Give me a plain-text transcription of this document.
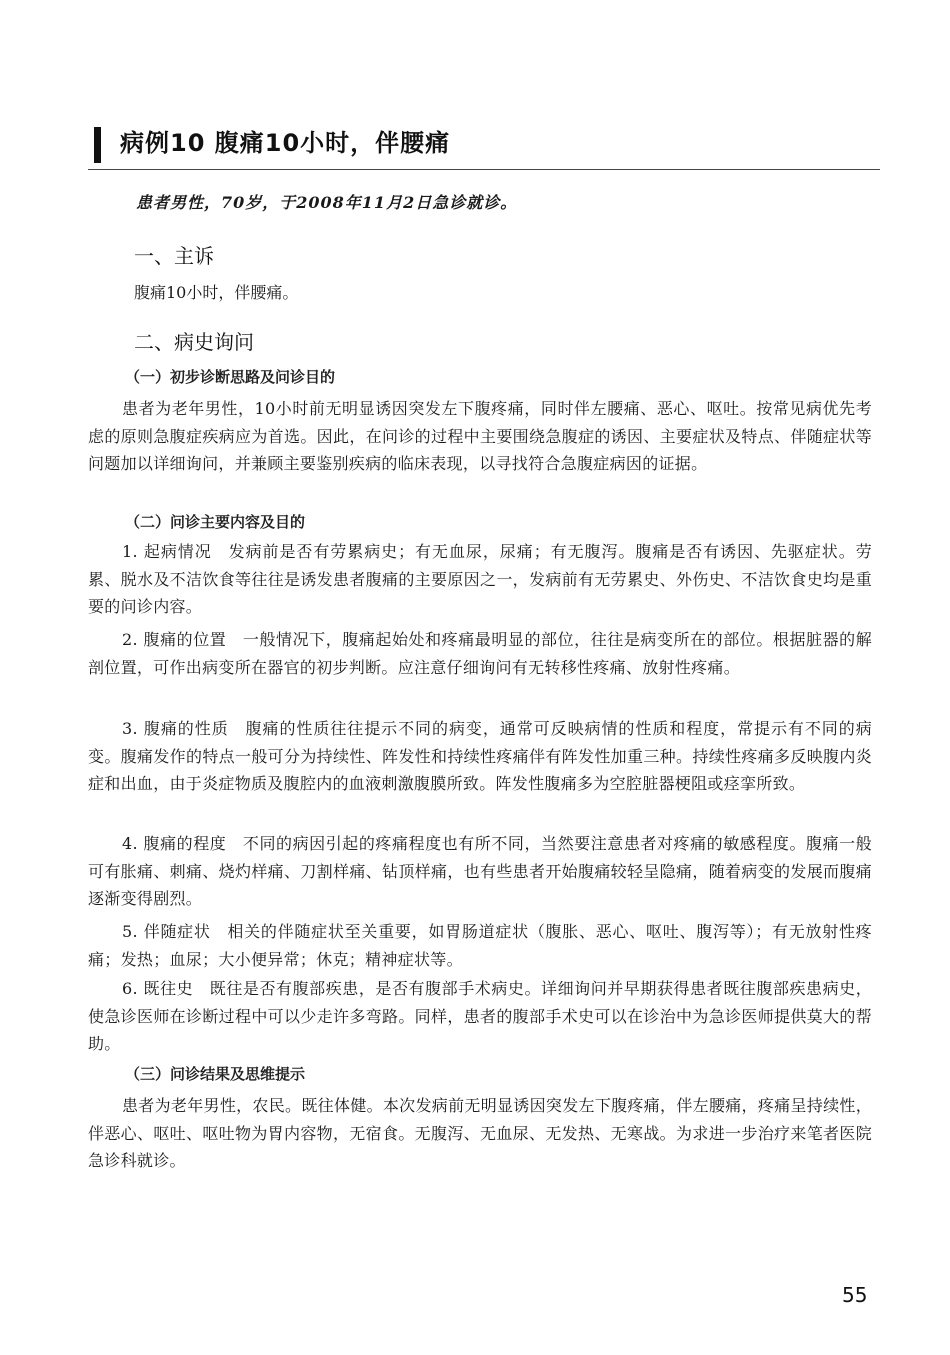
病例10 腹痛10小时，伴腰痛

患者男性，70岁，于2008年11月2日急诊就诊。

一、主诉

腹痛10小时，伴腰痛。

二、病史询问
（一）初步诊断思路及问诊目的

患者为老年男性，10小时前无明显诱因突发左下腹疼痛，同时伴左腰痛、恶心、呕吐。按常见病优先考虑的原则急腹症疾病应为首选。因此，在问诊的过程中主要围绕急腹症的诱因、主要症状及特点、伴随症状等问题加以详细询问，并兼顾主要鉴别疾病的临床表现，以寻找符合急腹症病因的证据。

（二）问诊主要内容及目的

1. 起病情况　发病前是否有劳累病史；有无血尿，尿痛；有无腹泻。腹痛是否有诱因、先驱症状。劳累、脱水及不洁饮食等往往是诱发患者腹痛的主要原因之一，发病前有无劳累史、外伤史、不洁饮食史均是重要的问诊内容。

2. 腹痛的位置　一般情况下，腹痛起始处和疼痛最明显的部位，往往是病变所在的部位。根据脏器的解剖位置，可作出病变所在器官的初步判断。应注意仔细询问有无转移性疼痛、放射性疼痛。

3. 腹痛的性质　腹痛的性质往往提示不同的病变，通常可反映病情的性质和程度，常提示有不同的病变。腹痛发作的特点一般可分为持续性、阵发性和持续性疼痛伴有阵发性加重三种。持续性疼痛多反映腹内炎症和出血，由于炎症物质及腹腔内的血液刺激腹膜所致。阵发性腹痛多为空腔脏器梗阻或痉挛所致。

4. 腹痛的程度　不同的病因引起的疼痛程度也有所不同，当然要注意患者对疼痛的敏感程度。腹痛一般可有胀痛、刺痛、烧灼样痛、刀割样痛、钻顶样痛，也有些患者开始腹痛较轻呈隐痛，随着病变的发展而腹痛逐渐变得剧烈。

5. 伴随症状　相关的伴随症状至关重要，如胃肠道症状（腹胀、恶心、呕吐、腹泻等）；有无放射性疼痛；发热；血尿；大小便异常；休克；精神症状等。

6. 既往史　既往是否有腹部疾患，是否有腹部手术病史。详细询问并早期获得患者既往腹部疾患病史，使急诊医师在诊断过程中可以少走许多弯路。同样，患者的腹部手术史可以在诊治中为急诊医师提供莫大的帮助。

（三）问诊结果及思维提示

患者为老年男性，农民。既往体健。本次发病前无明显诱因突发左下腹疼痛，伴左腰痛，疼痛呈持续性，伴恶心、呕吐、呕吐物为胃内容物，无宿食。无腹泻、无血尿、无发热、无寒战。为求进一步治疗来笔者医院急诊科就诊。

55
